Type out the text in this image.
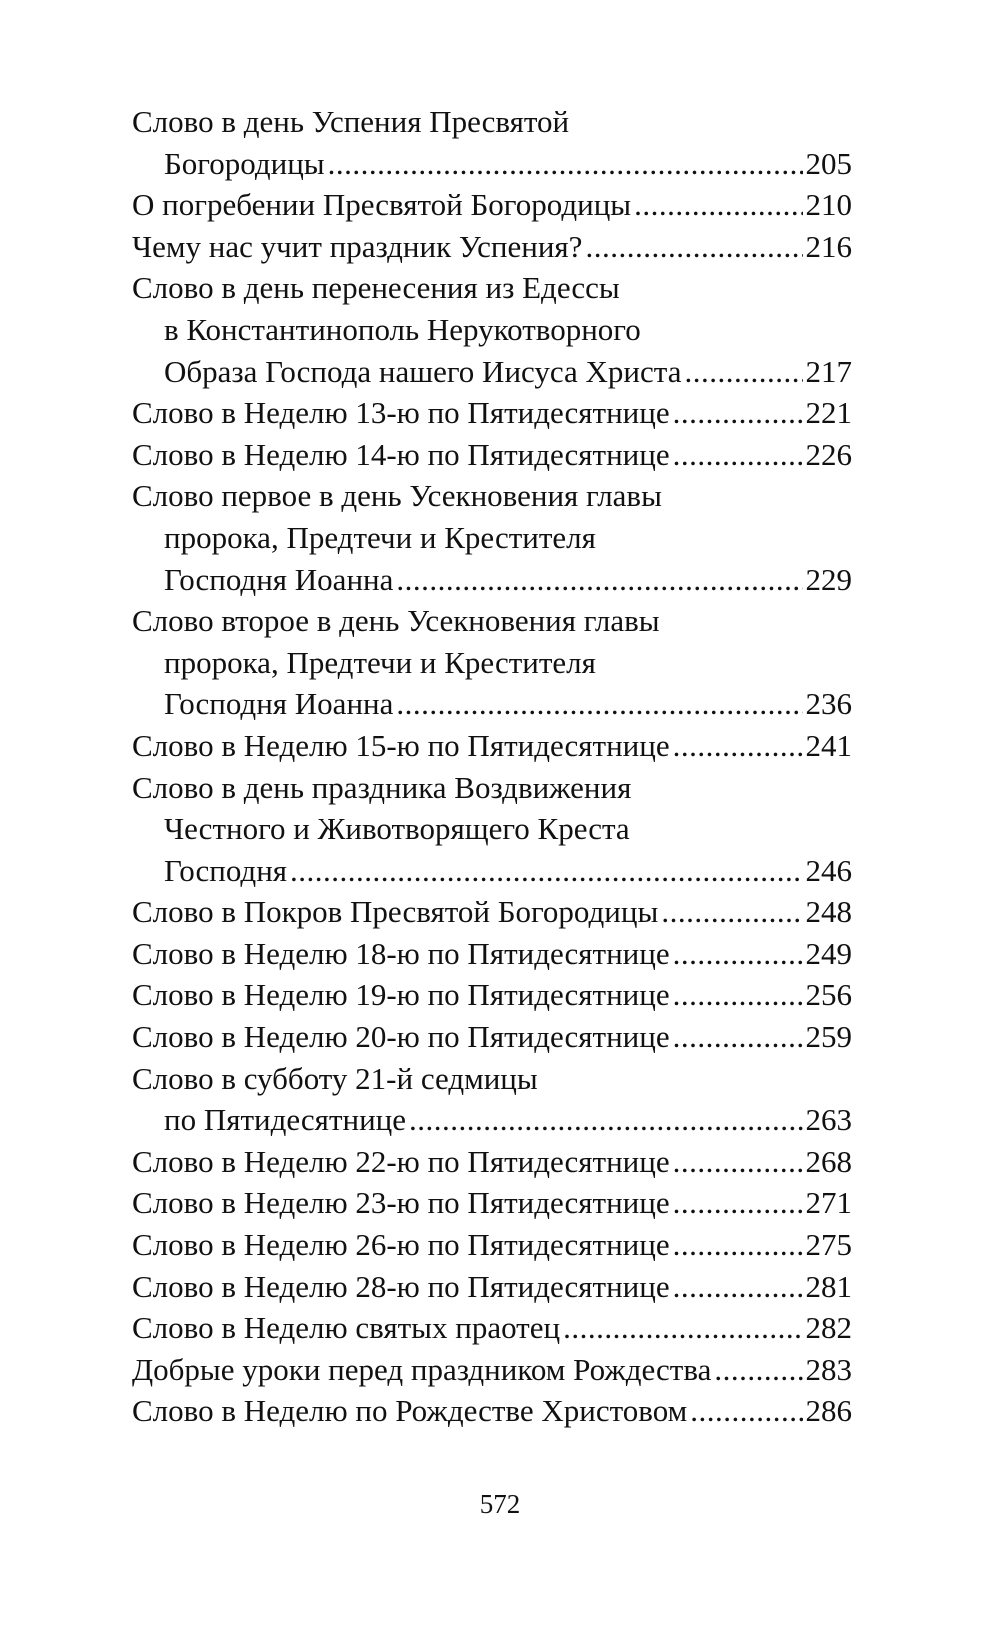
Слово в день Успения Пресвятой
Богородицы .....	205
О погребении Пресвятой Богородицы .....	210
Чему нас учит праздник Успения? .....	216
Слово в день перенесения из Едессы
в Константинополь Нерукотворного
Образа Господа нашего Иисуса Христа .....	217
Слово в Неделю 13-ю по Пятидесятнице .....	221
Слово в Неделю 14-ю по Пятидесятнице .....	226
Слово первое в день Усекновения главы
пророка, Предтечи и Крестителя
Господня Иоанна .....	229
Слово второе в день Усекновения главы
пророка, Предтечи и Крестителя
Господня Иоанна .....	236
Слово в Неделю 15-ю по Пятидесятнице .....	241
Слово в день праздника Воздвижения
Честного и Животворящего Креста
Господня .....	246
Слово в Покров Пресвятой Богородицы .....	248
Слово в Неделю 18-ю по Пятидесятнице .....	249
Слово в Неделю 19-ю по Пятидесятнице .....	256
Слово в Неделю 20-ю по Пятидесятнице .....	259
Слово в субботу 21-й седмицы
по Пятидесятнице .....	263
Слово в Неделю 22-ю по Пятидесятнице .....	268
Слово в Неделю 23-ю по Пятидесятнице .....	271
Слово в Неделю 26-ю по Пятидесятнице .....	275
Слово в Неделю 28-ю по Пятидесятнице .....	281
Слово в Неделю святых праотец .....	282
Добрые уроки перед праздником Рождества .....	283
Слово в Неделю по Рождестве Христовом .....	286
572
